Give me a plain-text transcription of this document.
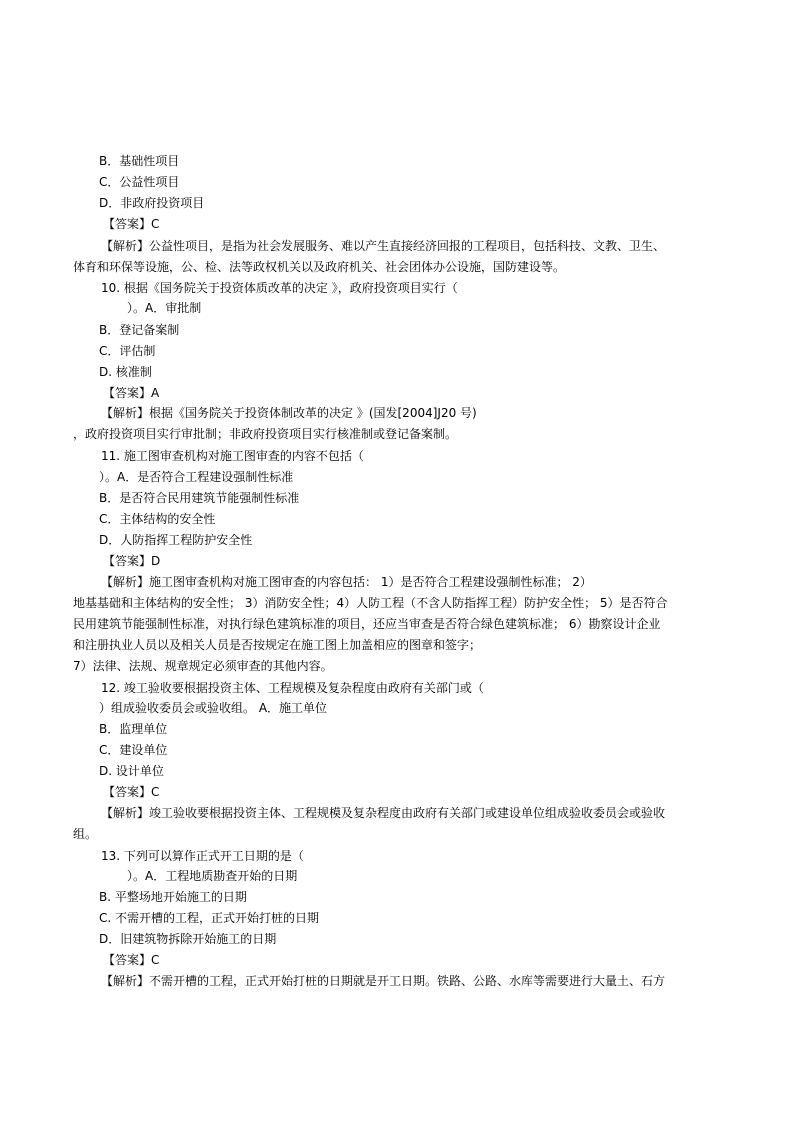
B．基础性项目
C．公益性项目
D．非政府投资项目
【答案】C
【解析】公益性项目，是指为社会发展服务、难以产生直接经济回报的工程项目，包括科技、文教、卫生、
体育和环保等设施，公、检、法等政权机关以及政府机关、社会团体办公设施，国防建设等。
10. 根据《国务院关于投资体质改革的决定 》，政府投资项目实行（
）。A．审批制
B．登记备案制
C．评估制
D. 核准制
【答案】A
【解析】根据《国务院关于投资体制改革的决定 》(国发[2004]J20 号)
，政府投资项目实行审批制；非政府投资项目实行核准制或登记备案制。
11. 施工图审查机构对施工图审查的内容不包括（
）。A．是否符合工程建设强制性标准
B．是否符合民用建筑节能强制性标准
C．主体结构的安全性
D．人防指挥工程防护安全性
【答案】D
【解析】施工图审查机构对施工图审查的内容包括： 1）是否符合工程建设强制性标准； 2）
地基基础和主体结构的安全性； 3）消防安全性；4）人防工程（不含人防指挥工程）防护安全性； 5）是否符合
民用建筑节能强制性标准，对执行绿色建筑标准的项目，还应当审查是否符合绿色建筑标准； 6）勘察设计企业
和注册执业人员以及相关人员是否按规定在施工图上加盖相应的图章和签字；
7）法律、法规、规章规定必须审查的其他内容。
12. 竣工验收要根据投资主体、工程规模及复杂程度由政府有关部门或（
）组成验收委员会或验收组。 A．施工单位
B．监理单位
C．建设单位
D. 设计单位
【答案】C
【解析】竣工验收要根据投资主体、工程规模及复杂程度由政府有关部门或建设单位组成验收委员会或验收
组。
13. 下列可以算作正式开工日期的是（
）。A．工程地质勘查开始的日期
B. 平整场地开始施工的日期
C. 不需开槽的工程，正式开始打桩的日期
D．旧建筑物拆除开始施工的日期
【答案】C
【解析】不需开槽的工程，正式开始打桩的日期就是开工日期。铁路、公路、水库等需要进行大量土、石方
